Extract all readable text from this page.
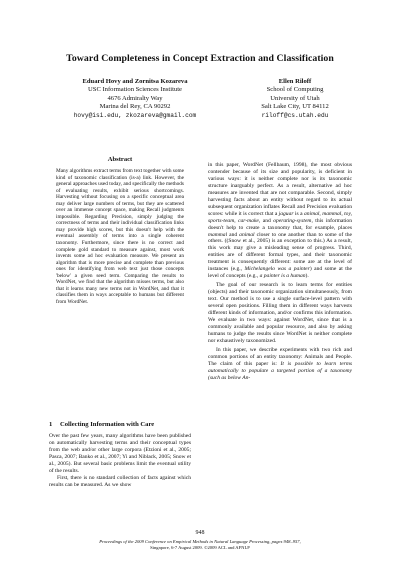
Toward Completeness in Concept Extraction and Classification
Eduard Hovy and Zornitsa Kozareva
USC Information Sciences Institute
4676 Admiralty Way
Marina del Rey, CA 90292
hovy@isi.edu, zkozareva@gmail.com
Ellen Riloff
School of Computing
University of Utah
Salt Lake City, UT 84112
riloff@cs.utah.edu
Abstract

Many algorithms extract terms from text together with some kind of taxonomic classification (is-a) link. However, the general approaches used today, and specifically the methods of evaluating results, exhibit serious shortcomings. Harvesting without focusing on a specific conceptual area may deliver large numbers of terms, but they are scattered over an immense concept space, making Recall judgments impossible. Regarding Precision, simply judging the correctness of terms and their individual classification links may provide high scores, but this doesn't help with the eventual assembly of terms into a single coherent taxonomy. Furthermore, since there is no correct and complete gold standard to measure against, most work invents some ad hoc evaluation measure. We present an algorithm that is more precise and complete than previous ones for identifying from web text just those concepts 'below' a given seed term. Comparing the results to WordNet, we find that the algorithm misses terms, but also that it learns many new terms not in WordNet, and that it classifies them in ways acceptable to humans but different from WordNet.

1 Collecting Information with Care

Over the past few years, many algorithms have been published on automatically harvesting terms and their conceptual types from the web and/or other large corpora (Etzioni et al., 2005; Pasca, 2007; Banko et al., 2007; Yi and Niblack, 2005; Snow et al., 2005). But several basic problems limit the eventual utility of the results.

First, there is no standard collection of facts against which results can be measured. As we show

in this paper, WordNet (Fellbaum, 1998), the most obvious contender because of its size and popularity, is deficient in various ways: it is neither complete nor is its taxonomic structure inarguably perfect. As a result, alternative ad hoc measures are invented that are not comparable. Second, simply harvesting facts about an entity without regard to its actual subsequent organization inflates Recall and Precision evaluation scores: while it is correct that a jaguar is a animal, mammal, toy, sports-team, car-make, and operating-system, this information doesn't help to create a taxonomy that, for example, places mammal and animal closer to one another than to some of the others. ((Snow et al., 2005) is an exception to this.) As a result, this work may give a misleading sense of progress. Third, entities are of different formal types, and their taxonomic treatment is consequently different: some are at the level of instances (e.g., Michelangelo was a painter) and some at the level of concepts (e.g., a painter is a human).

The goal of our research is to learn terms for entities (objects) and their taxonomic organization simultaneously, from text. Our method is to use a single surface-level pattern with several open positions. Filling them in different ways harvests different kinds of information, and/or confirms this information. We evaluate in two ways: against WordNet, since that is a commonly available and popular resource, and also by asking humans to judge the results since WordNet is neither complete nor exhaustively taxonomized.

In this paper, we describe experiments with two rich and common portions of an entity taxonomy: Animals and People. The claim of this paper is: It is possible to learn terms automatically to populate a targeted portion of a taxonomy (such as below An-

948
Proceedings of the 2009 Conference on Empirical Methods in Natural Language Processing, pages 948–957,
Singapore, 6-7 August 2009. ©2009 ACL and AFNLP
